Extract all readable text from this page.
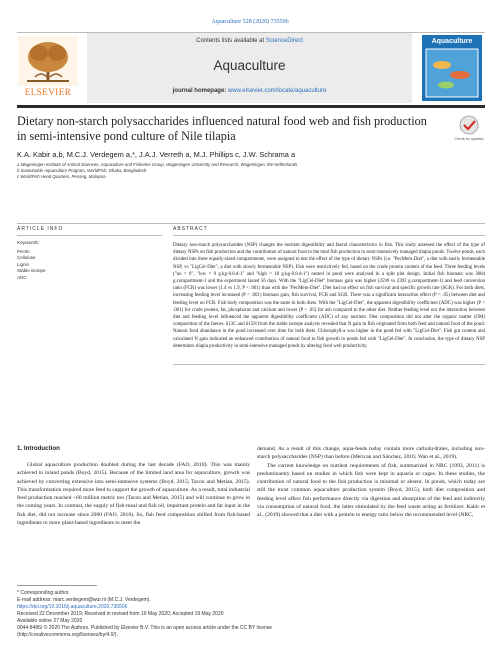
Aquaculture 528 (2020) 735506
ELSEVIER
Contents lists available at ScienceDirect
Aquaculture
journal homepage: www.elsevier.com/locate/aquaculture
Aquaculture
Dietary non-starch polysaccharides influenced natural food web and fish production in semi-intensive pond culture of Nile tilapia	Check for updates
K.A. Kabir a,b, M.C.J. Verdegem a,*, J.A.J. Verreth a, M.J. Phillips c, J.W. Schrama a
a Wageningen Institute of Animal Sciences, Aquaculture and Fisheries Group, Wageningen University and Research, Wageningen, the Netherlands
b Sustainable Aquaculture Program, WorldFish, Dhaka, Bangladesh
c WorldFish Head Quarters, Penang, Malaysia
ARTICLE INFO	ABSTRACT
Keywords:
Pectin
Cellulose
Lignin
Stable isotope
ADC
Dietary non-starch polysaccharides (NSP) changes the nutrient digestibility and faecal characteristics in fish. This study assessed the effect of the type of dietary NSPs on fish production and the contribution of natural food to the total fish production in semi-intensively managed tilapia ponds. Twelve ponds, each divided into three equally-sized compartments, were assigned to test the effect of the type of dietary NSPs (i.e. "PecMem-Diet", a diet with easily fermentable NSP, vs "LigCel-Diet", a diet with slowly fermentable NSP). Fish were restrictively fed, based on the crude protein content of the feed. Three feeding levels ("no = 0", "low = 9 g.kg-0.8.d-1" and "high = 18 g.kg-0.8.d-1") nested in pond were analysed in a split plot design. Initial fish biomass was 3084 g.compartment-1 and the experiment lasted 56 days. With the "LigCel-Diet" biomass gain was higher (2599 vs 2392 g.compartment-1) and feed conversion ratio (FCR) was lower (1.4 vs 1.9, P < .001) than with the "PecMem-Diet". Diet had no effect on fish survival and specific growth rate (SGR). For both diets, increasing feeding level increased (P < .001) biomass gain, fish survival, FCR and SGR. There was a significant interaction effect (P < .05) between diet and feeding level on FCR. Fish body composition was the same in both diets. With the "LigCel-Diet", the apparent digestibility coefficient (ADC) was higher (P < .001) for crude protein, fat, phosphorus and calcium and lower (P < .05) for ash compared to the other diet. Neither feeding level nor the interaction between diet and feeding level influenced the apparent digestibility coefficient (ADC) of any nutrient. Diet composition did not alter the organic matter (OM) composition of the faeces. δ13C and δ15N from the stable isotope analysis revealed that N gain in fish originated from both feed and natural food of the pond. Natural food abundance in the pond increased over time for both diets. Chlorophyll-a was higher in the pond fed with "LigCel-Diet". Fish gut content and calculated N gain indicated an enhanced contribution of natural food to fish growth in ponds fed with "LigCel-Diet". In conclusion, the type of dietary NSP determines tilapia productivity in semi-intensive managed ponds by altering food web productivity.
1. Introduction

Global aquaculture production doubled during the last decade (FAO, 2018). This was mainly achieved in inland ponds (Boyd, 2015). Because of the limited land area for aquaculture, growth was achieved by converting extensive into semi-intensive systems (Boyd, 2015; Tacon and Metian, 2015). This transformation required more feed to support the growth of aquaculture. As a result, total industrial feed production reached ~60 million metric ton (Tacon and Metian, 2015) and will continue to grow in the coming years. In contrast, the supply of fish-meal and fish oil, important protein and fat input in the fish diet, did not increase since 2000 (FAO, 2018). So, fish feed composition shifted from fish-based ingredients to more plant-based ingredients to meet the

demand. As a result of this change, aqua-feeds today contain more carbohydrates, including non-starch polysaccharides (NSP) than before (Merican and Sánchez, 2016; Wan et al., 2019).

The current knowledge on nutrient requirements of fish, summarized in NRC (1993, 2011) is predominantly based on studies in which fish were kept in aquaria or cages. In these studies, the contribution of natural food to the fish production is minimal or absent. In ponds, which today are still the most common aquaculture production system (Boyd, 2015), both diet composition and feeding level affect fish performance directly via digestion and absorption of the feed and indirectly via consumption of natural food, the latter stimulated by the feed waste acting as fertilizer. Kabir et al., (2019) showed that a diet with a protein to energy ratio below the recommended level (NRC,

* Corresponding author.
E-mail address: marc.verdegem@wur.nl (M.C.J. Verdegem).
https://doi.org/10.1016/j.aquaculture.2020.735506
Received 22 December 2019; Received in revised form 19 May 2020; Accepted 19 May 2020
Available online 27 May 2020
0044-8486/ © 2020 The Authors. Published by Elsevier B.V. This is an open access article under the CC BY license
(http://creativecommons.org/licenses/by/4.0/).
